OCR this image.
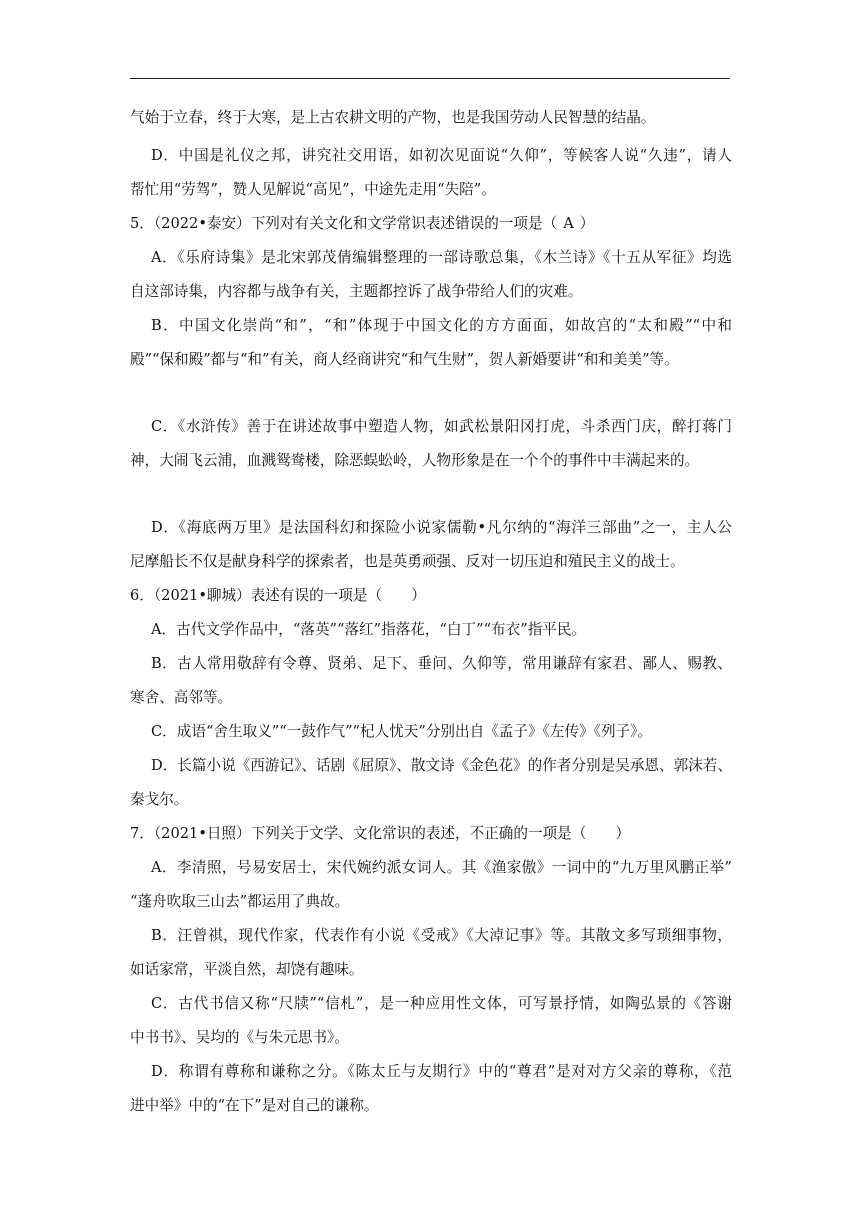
气始于立春，终于大寒，是上古农耕文明的产物，也是我国劳动人民智慧的结晶。
D．中国是礼仪之邦，讲究社交用语，如初次见面说“久仰”，等候客人说“久违”，请人
帮忙用“劳驾”，赞人见解说“高见”，中途先走用“失陪”。
5．（2022•泰安）下列对有关文化和文学常识表述错误的一项是（ A ）
A．《乐府诗集》是北宋郭茂倩编辑整理的一部诗歌总集，《木兰诗》《十五从军征》均选
自这部诗集，内容都与战争有关，主题都控诉了战争带给人们的灾难。
B．中国文化崇尚“和”，“和”体现于中国文化的方方面面，如故宫的“太和殿”“中和
殿”“保和殿”都与“和”有关，商人经商讲究“和气生财”，贺人新婚要讲“和和美美”等。
C．《水浒传》善于在讲述故事中塑造人物，如武松景阳冈打虎，斗杀西门庆，醉打蒋门
神，大闹飞云浦，血溅鸳鸯楼，除恶蜈蚣岭，人物形象是在一个个的事件中丰满起来的。
D．《海底两万里》是法国科幻和探险小说家儒勒•凡尔纳的“海洋三部曲”之一，主人公
尼摩船长不仅是献身科学的探索者，也是英勇顽强、反对一切压迫和殖民主义的战士。
6．（2021•聊城）表述有误的一项是（　　）
A．古代文学作品中，“落英”“落红”指落花，“白丁”“布衣”指平民。
B．古人常用敬辞有令尊、贤弟、足下、垂问、久仰等，常用谦辞有家君、鄙人、赐教、
寒舍、高邻等。
C．成语“舍生取义”“一鼓作气”“杞人忧天”分别出自《孟子》《左传》《列子》。
D．长篇小说《西游记》、话剧《屈原》、散文诗《金色花》的作者分别是吴承恩、郭沫若、
秦戈尔。
7．（2021•日照）下列关于文学、文化常识的表述，不正确的一项是（　　）
A．李清照，号易安居士，宋代婉约派女词人。其《渔家傲》一词中的“九万里风鹏正举”
“蓬舟吹取三山去”都运用了典故。
B．汪曾祺，现代作家，代表作有小说《受戒》《大淖记事》等。其散文多写琐细事物，
如话家常，平淡自然，却饶有趣味。
C．古代书信又称“尺牍”“信札”，是一种应用性文体，可写景抒情，如陶弘景的《答谢
中书书》、吴均的《与朱元思书》。
D．称谓有尊称和谦称之分。《陈太丘与友期行》中的“尊君”是对对方父亲的尊称，《范
进中举》中的“在下”是对自己的谦称。
